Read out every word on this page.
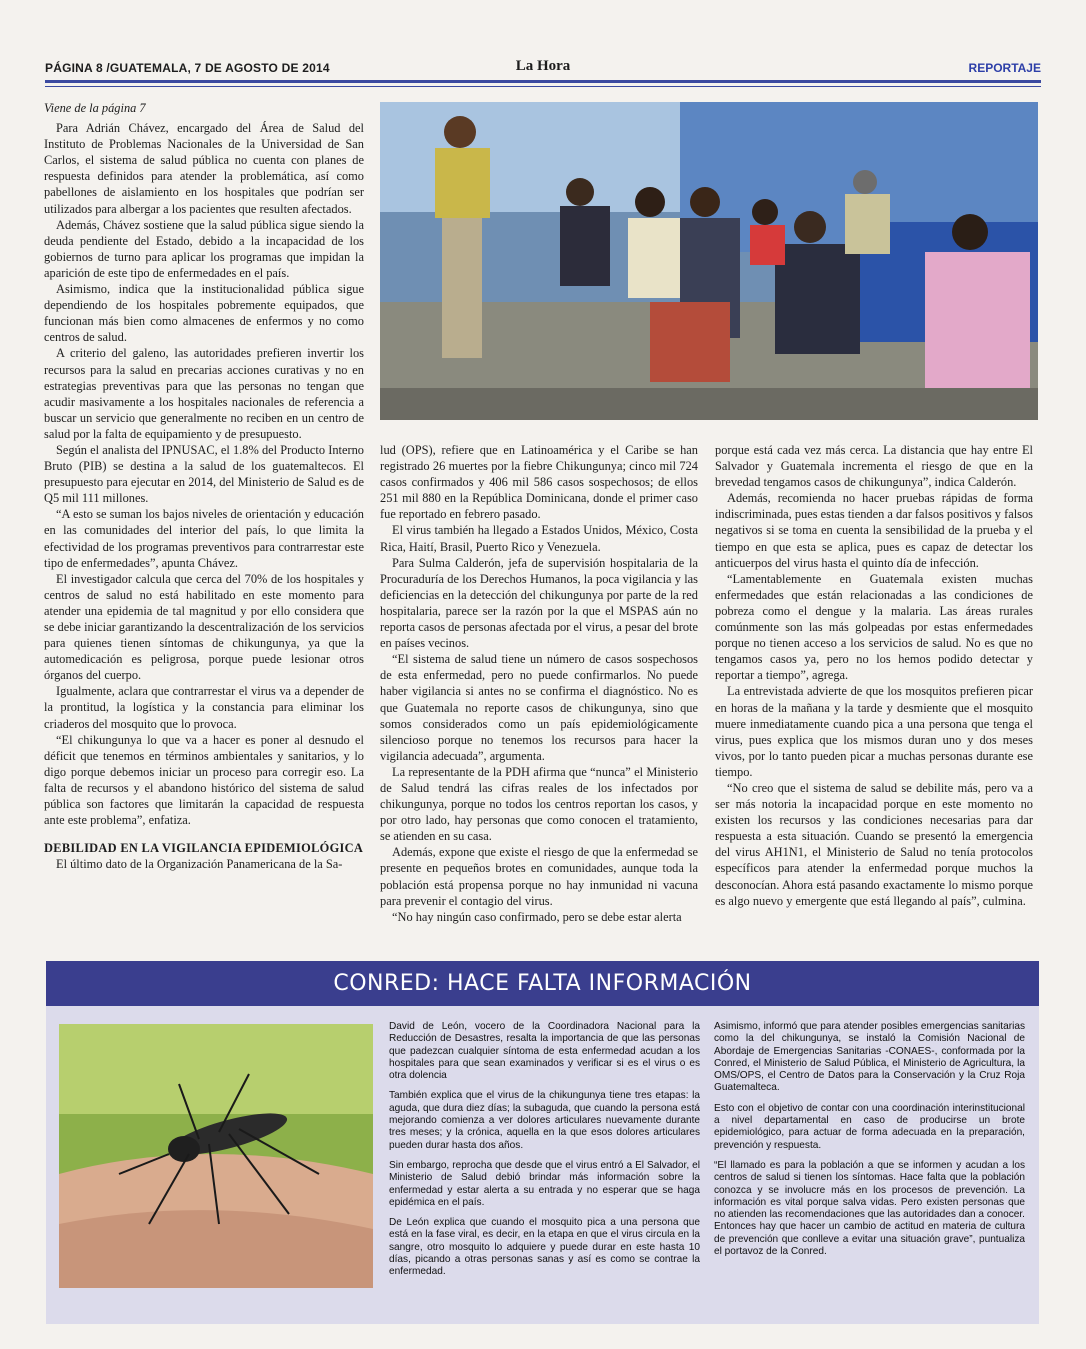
PÁGINA 8 /GUATEMALA, 7 DE AGOSTO DE 2014	La Hora	REPORTAJE

Viene de la página 7

Para Adrián Chávez, encargado del Área de Salud del Instituto de Problemas Nacionales de la Universidad de San Carlos, el sistema de salud pública no cuenta con planes de respuesta definidos para atender la problemática, así como pabellones de aislamiento en los hospitales que podrían ser utilizados para albergar a los pacientes que resulten afectados.

Además, Chávez sostiene que la salud pública sigue siendo la deuda pendiente del Estado, debido a la incapacidad de los gobiernos de turno para aplicar los programas que impidan la aparición de este tipo de enfermedades en el país.

Asimismo, indica que la institucionalidad pública sigue dependiendo de los hospitales pobremente equipados, que funcionan más bien como almacenes de enfermos y no como centros de salud.

A criterio del galeno, las autoridades prefieren invertir los recursos para la salud en precarias acciones curativas y no en estrategias preventivas para que las personas no tengan que acudir masivamente a los hospitales nacionales de referencia a buscar un servicio que generalmente no reciben en un centro de salud por la falta de equipamiento y de presupuesto.

Según el analista del IPNUSAC, el 1.8% del Producto Interno Bruto (PIB) se destina a la salud de los guatemaltecos. El presupuesto para ejecutar en 2014, del Ministerio de Salud es de Q5 mil 111 millones.

“A esto se suman los bajos niveles de orientación y educación en las comunidades del interior del país, lo que limita la efectividad de los programas preventivos para contrarrestar este tipo de enfermedades”, apunta Chávez.

El investigador calcula que cerca del 70% de los hospitales y centros de salud no está habilitado en este momento para atender una epidemia de tal magnitud y por ello considera que se debe iniciar garantizando la descentralización de los servicios para quienes tienen síntomas de chikungunya, ya que la automedicación es peligrosa, porque puede lesionar otros órganos del cuerpo.

Igualmente, aclara que contrarrestar el virus va a depender de la prontitud, la logística y la constancia para eliminar los criaderos del mosquito que lo provoca.

“El chikungunya lo que va a hacer es poner al desnudo el déficit que tenemos en términos ambientales y sanitarios, y lo digo porque debemos iniciar un proceso para corregir eso. La falta de recursos y el abandono histórico del sistema de salud pública son factores que limitarán la capacidad de respuesta ante este problema”, enfatiza.

DEBILIDAD EN LA VIGILANCIA EPIDEMIOLÓGICA

El último dato de la Organización Panamericana de la Sa-

lud (OPS), refiere que en Latinoamérica y el Caribe se han registrado 26 muertes por la fiebre Chikungunya; cinco mil 724 casos confirmados y 406 mil 586 casos sospechosos; de ellos 251 mil 880 en la República Dominicana, donde el primer caso fue reportado en febrero pasado.

El virus también ha llegado a Estados Unidos, México, Costa Rica, Haití, Brasil, Puerto Rico y Venezuela.

Para Sulma Calderón, jefa de supervisión hospitalaria de la Procuraduría de los Derechos Humanos, la poca vigilancia y las deficiencias en la detección del chikungunya por parte de la red hospitalaria, parece ser la razón por la que el MSPAS aún no reporta casos de personas afectada por el virus, a pesar del brote en países vecinos.

“El sistema de salud tiene un número de casos sospechosos de esta enfermedad, pero no puede confirmarlos. No puede haber vigilancia si antes no se confirma el diagnóstico. No es que Guatemala no reporte casos de chikungunya, sino que somos considerados como un país epidemiológicamente silencioso porque no tenemos los recursos para hacer la vigilancia adecuada”, argumenta.

La representante de la PDH afirma que “nunca” el Ministerio de Salud tendrá las cifras reales de los infectados por chikungunya, porque no todos los centros reportan los casos, y por otro lado, hay personas que como conocen el tratamiento, se atienden en su casa.

Además, expone que existe el riesgo de que la enfermedad se presente en pequeños brotes en comunidades, aunque toda la población está propensa porque no hay inmunidad ni vacuna para prevenir el contagio del virus.

“No hay ningún caso confirmado, pero se debe estar alerta

porque está cada vez más cerca. La distancia que hay entre El Salvador y Guatemala incrementa el riesgo de que en la brevedad tengamos casos de chikungunya”, indica Calderón.

Además, recomienda no hacer pruebas rápidas de forma indiscriminada, pues estas tienden a dar falsos positivos y falsos negativos si se toma en cuenta la sensibilidad de la prueba y el tiempo en que esta se aplica, pues es capaz de detectar los anticuerpos del virus hasta el quinto día de infección.

“Lamentablemente en Guatemala existen muchas enfermedades que están relacionadas a las condiciones de pobreza como el dengue y la malaria. Las áreas rurales comúnmente son las más golpeadas por estas enfermedades porque no tienen acceso a los servicios de salud. No es que no tengamos casos ya, pero no los hemos podido detectar y reportar a tiempo”, agrega.

La entrevistada advierte de que los mosquitos prefieren picar en horas de la mañana y la tarde y desmiente que el mosquito muere inmediatamente cuando pica a una persona que tenga el virus, pues explica que los mismos duran uno y dos meses vivos, por lo tanto pueden picar a muchas personas durante ese tiempo.

“No creo que el sistema de salud se debilite más, pero va a ser más notoria la incapacidad porque en este momento no existen los recursos y las condiciones necesarias para dar respuesta a esta situación. Cuando se presentó la emergencia del virus AH1N1, el Ministerio de Salud no tenía protocolos específicos para atender la enfermedad porque muchos la desconocían. Ahora está pasando exactamente lo mismo porque es algo nuevo y emergente que está llegando al país”, culmina.

CONRED: HACE FALTA INFORMACIÓN

David de León, vocero de la Coordinadora Nacional para la Reducción de Desastres, resalta la importancia de que las personas que padezcan cualquier síntoma de esta enfermedad acudan a los hospitales para que sean examinados y verificar si es el virus o es otra dolencia

También explica que el virus de la chikungunya tiene tres etapas: la aguda, que dura diez días; la subaguda, que cuando la persona está mejorando comienza a ver dolores articulares nuevamente durante tres meses; y la crónica, aquella en la que esos dolores articulares pueden durar hasta dos años.

Sin embargo, reprocha que desde que el virus entró a El Salvador, el Ministerio de Salud debió brindar más información sobre la enfermedad y estar alerta a su entrada y no esperar que se haga epidémica en el país.

De León explica que cuando el mosquito pica a una persona que está en la fase viral, es decir, en la etapa en que el virus circula en la sangre, otro mosquito lo adquiere y puede durar en este hasta 10 días, picando a otras personas sanas y así es como se contrae la enfermedad.

Asimismo, informó que para atender posibles emergencias sanitarias como la del chikungunya, se instaló la Comisión Nacional de Abordaje de Emergencias Sanitarias -CONAES-, conformada por la Conred, el Ministerio de Salud Pública, el Ministerio de Agricultura, la OMS/OPS, el Centro de Datos para la Conservación y la Cruz Roja Guatemalteca.

Esto con el objetivo de contar con una coordinación interinstitucional a nivel departamental en caso de producirse un brote epidemiológico, para actuar de forma adecuada en la preparación, prevención y respuesta.

“El llamado es para la población a que se informen y acudan a los centros de salud si tienen los síntomas. Hace falta que la población conozca y se involucre más en los procesos de prevención. La información es vital porque salva vidas. Pero existen personas que no atienden las recomendaciones que las autoridades dan a conocer. Entonces hay que hacer un cambio de actitud en materia de cultura de prevención que conlleve a evitar una situación grave”, puntualiza el portavoz de la Conred.
